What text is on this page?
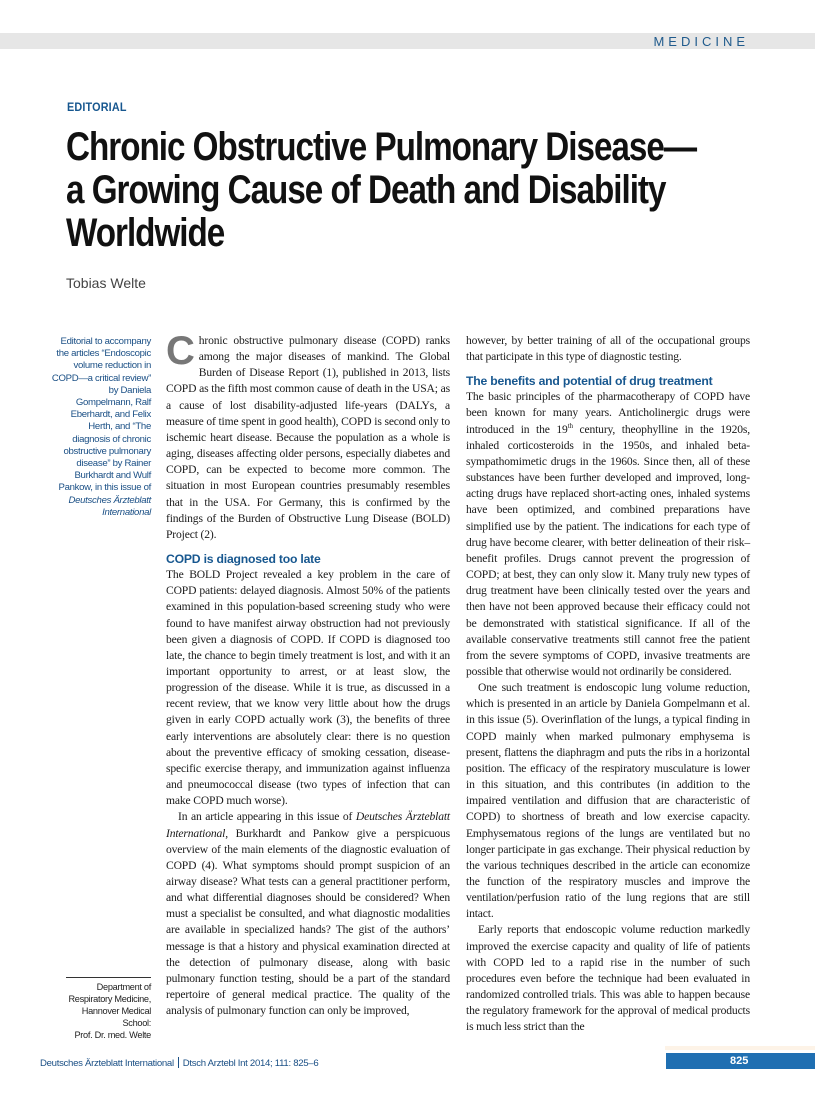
MEDICINE
EDITORIAL
Chronic Obstructive Pulmonary Disease—
a Growing Cause of Death and Disability
Worldwide
Tobias Welte
Editorial to accompany the articles “Endoscopic volume reduction in COPD—a critical review” by Daniela Gompelmann, Ralf Eberhardt, and Felix Herth, and “The diagnosis of chronic obstructive pulmonary disease” by Rainer Burkhardt and Wulf Pankow, in this issue of Deutsches Ärzteblatt International
Department of
Respiratory Medicine,
Hannover Medical
School:
Prof. Dr. med. Welte

Chronic obstructive pulmonary disease (COPD) ranks among the major diseases of mankind. The Global Burden of Disease Report (1), published in 2013, lists COPD as the fifth most common cause of death in the USA; as a cause of lost disability-adjusted life-years (DALYs, a measure of time spent in good health), COPD is second only to ischemic heart disease. Because the population as a whole is aging, diseases affecting older persons, especially diabetes and COPD, can be expected to become more common. The situation in most European countries presumably resembles that in the USA. For Germany, this is confirmed by the findings of the Burden of Obstructive Lung Disease (BOLD) Project (2).

COPD is diagnosed too late

The BOLD Project revealed a key problem in the care of COPD patients: delayed diagnosis. Almost 50% of the patients examined in this population-based screening study who were found to have manifest airway obstruction had not previously been given a diagnosis of COPD. If COPD is diagnosed too late, the chance to begin timely treatment is lost, and with it an important opportunity to arrest, or at least slow, the progression of the disease. While it is true, as discussed in a recent review, that we know very little about how the drugs given in early COPD actually work (3), the benefits of three early interventions are absolutely clear: there is no question about the preventive efficacy of smoking cessation, disease-specific exercise therapy, and immunization against influenza and pneumococcal disease (two types of infection that can make COPD much worse).

In an article appearing in this issue of Deutsches Ärzteblatt International, Burkhardt and Pankow give a perspicuous overview of the main elements of the diagnostic evaluation of COPD (4). What symptoms should prompt suspicion of an airway disease? What tests can a general practitioner perform, and what differential diagnoses should be considered? When must a specialist be consulted, and what diagnostic modalities are available in specialized hands? The gist of the authors’ message is that a history and physical examination directed at the detection of pulmonary disease, along with basic pulmonary function testing, should be a part of the standard repertoire of general medical practice. The quality of the analysis of pulmonary function can only be improved,

however, by better training of all of the occupational groups that participate in this type of diagnostic testing.

The benefits and potential of drug treatment

The basic principles of the pharmacotherapy of COPD have been known for many years. Anticholinergic drugs were introduced in the 19th century, theophylline in the 1920s, inhaled corticosteroids in the 1950s, and inhaled beta-sympathomimetic drugs in the 1960s. Since then, all of these substances have been further developed and improved, long-acting drugs have replaced short-acting ones, inhaled systems have been optimized, and combined preparations have simplified use by the patient. The indications for each type of drug have become clearer, with better delineation of their risk–benefit profiles. Drugs cannot prevent the progression of COPD; at best, they can only slow it. Many truly new types of drug treatment have been clinically tested over the years and then have not been approved because their efficacy could not be demonstrated with statistical significance. If all of the available conservative treatments still cannot free the patient from the severe symptoms of COPD, invasive treatments are possible that otherwise would not ordinarily be considered.

One such treatment is endoscopic lung volume reduction, which is presented in an article by Daniela Gompelmann et al. in this issue (5). Overinflation of the lungs, a typical finding in COPD mainly when marked pulmonary emphysema is present, flattens the diaphragm and puts the ribs in a horizontal position. The efficacy of the respiratory musculature is lower in this situation, and this contributes (in addition to the impaired ventilation and diffusion that are characteristic of COPD) to shortness of breath and low exercise capacity. Emphysematous regions of the lungs are ventilated but no longer participate in gas exchange. Their physical reduction by the various techniques described in the article can economize the function of the respiratory muscles and improve the ventilation/perfusion ratio of the lung regions that are still intact.

Early reports that endoscopic volume reduction markedly improved the exercise capacity and quality of life of patients with COPD led to a rapid rise in the number of such procedures even before the technique had been evaluated in randomized controlled trials. This was able to happen because the regulatory framework for the approval of medical products is much less strict than the

Deutsches Ärzteblatt International Dtsch Arztebl Int 2014; 111: 825–6	825
